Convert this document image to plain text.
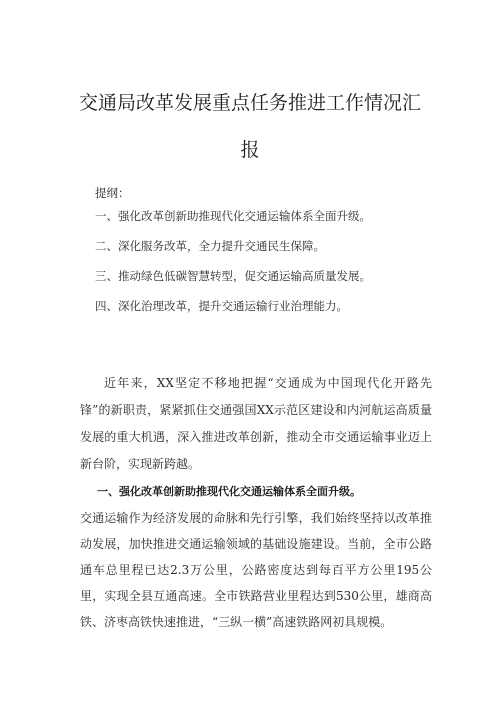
交通局改革发展重点任务推进工作情况汇
报
提纲：
一、强化改革创新助推现代化交通运输体系全面升级。
二、深化服务改革，全力提升交通民生保障。
三、推动绿色低碳智慧转型，促交通运输高质量发展。
四、深化治理改革，提升交通运输行业治理能力。
近年来，XX坚定不移地把握“交通成为中国现代化开路先锋”的新职责，紧紧抓住交通强国XX示范区建设和内河航运高质量发展的重大机遇，深入推进改革创新，推动全市交通运输事业迈上新台阶，实现新跨越。
一、强化改革创新助推现代化交通运输体系全面升级。
交通运输作为经济发展的命脉和先行引擎，我们始终坚持以改革推动发展，加快推进交通运输领域的基础设施建设。当前，全市公路通车总里程已达2.3万公里，公路密度达到每百平方公里195公里，实现全县互通高速。全市铁路营业里程达到530公里，雄商高铁、济枣高铁快速推进，“三纵一横”高速铁路网初具规模。
